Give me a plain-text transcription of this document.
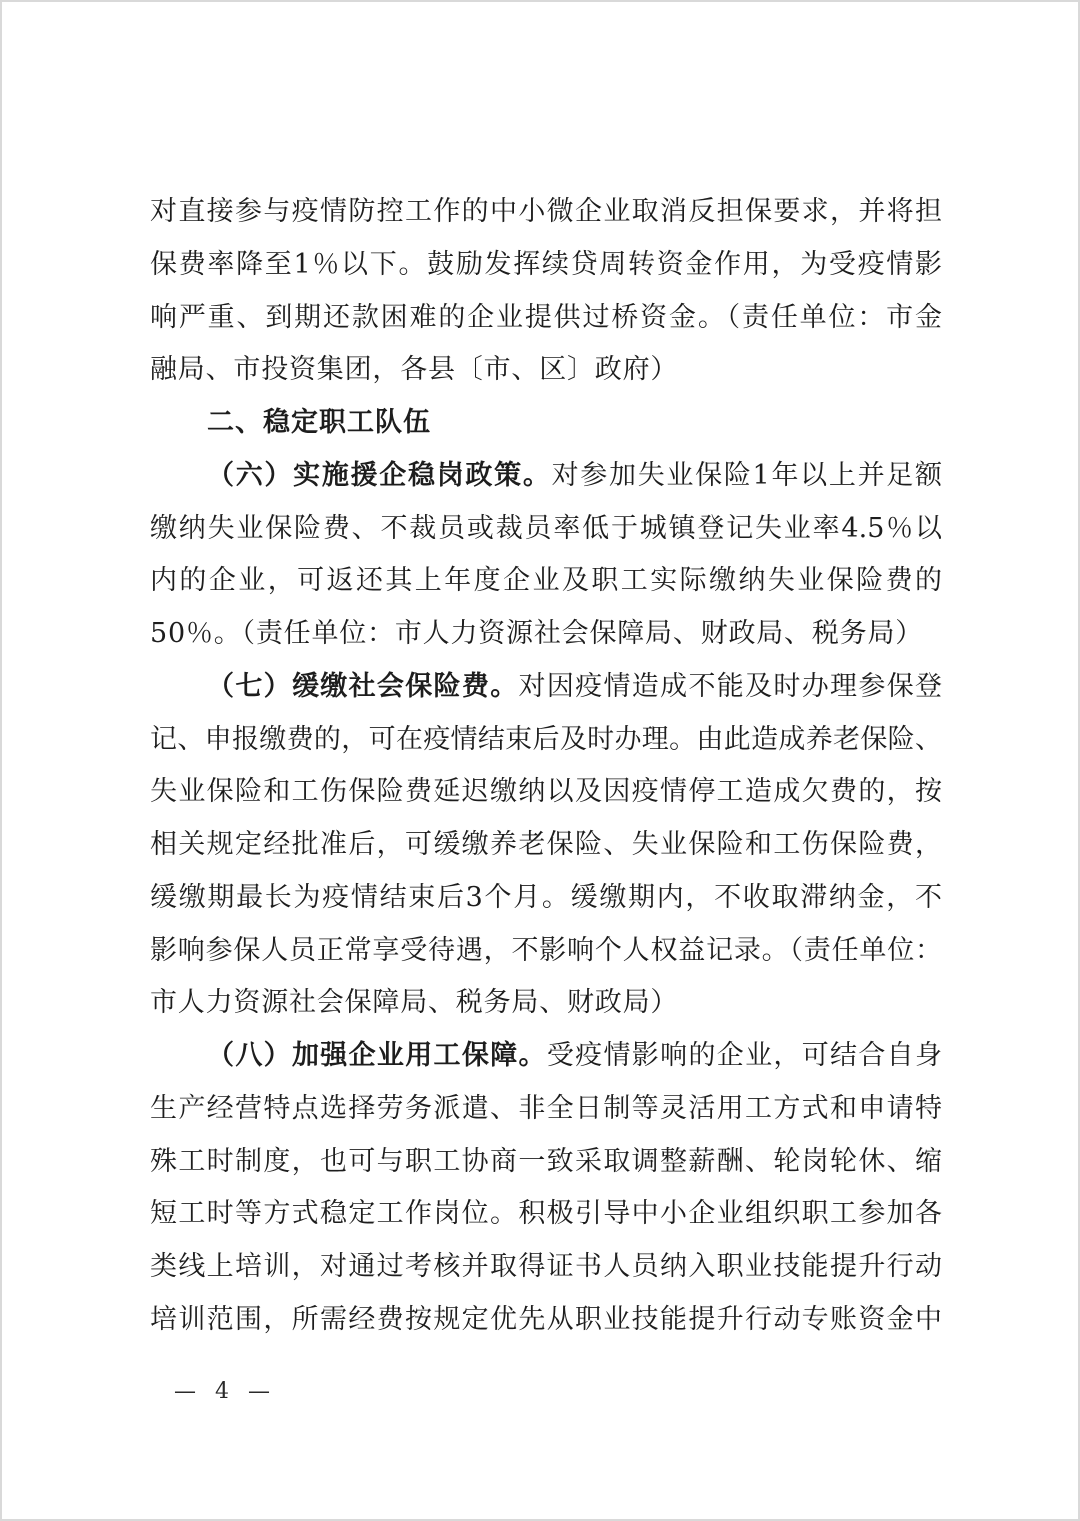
对直接参与疫情防控工作的中小微企业取消反担保要求，并将担
保费率降至1％以下。鼓励发挥续贷周转资金作用，为受疫情影
响严重、到期还款困难的企业提供过桥资金。（责任单位：市金
融局、市投资集团，各县〔市、区〕政府）
二、稳定职工队伍
（六）实施援企稳岗政策。对参加失业保险1年以上并足额
缴纳失业保险费、不裁员或裁员率低于城镇登记失业率4.5％以
内的企业，可返还其上年度企业及职工实际缴纳失业保险费的
50％。（责任单位：市人力资源社会保障局、财政局、税务局）
（七）缓缴社会保险费。对因疫情造成不能及时办理参保登
记、申报缴费的，可在疫情结束后及时办理。由此造成养老保险、
失业保险和工伤保险费延迟缴纳以及因疫情停工造成欠费的，按
相关规定经批准后，可缓缴养老保险、失业保险和工伤保险费，
缓缴期最长为疫情结束后3个月。缓缴期内，不收取滞纳金，不
影响参保人员正常享受待遇，不影响个人权益记录。（责任单位：
市人力资源社会保障局、税务局、财政局）
（八）加强企业用工保障。受疫情影响的企业，可结合自身
生产经营特点选择劳务派遣、非全日制等灵活用工方式和申请特
殊工时制度，也可与职工协商一致采取调整薪酬、轮岗轮休、缩
短工时等方式稳定工作岗位。积极引导中小企业组织职工参加各
类线上培训，对通过考核并取得证书人员纳入职业技能提升行动
培训范围，所需经费按规定优先从职业技能提升行动专账资金中
— 4 —
